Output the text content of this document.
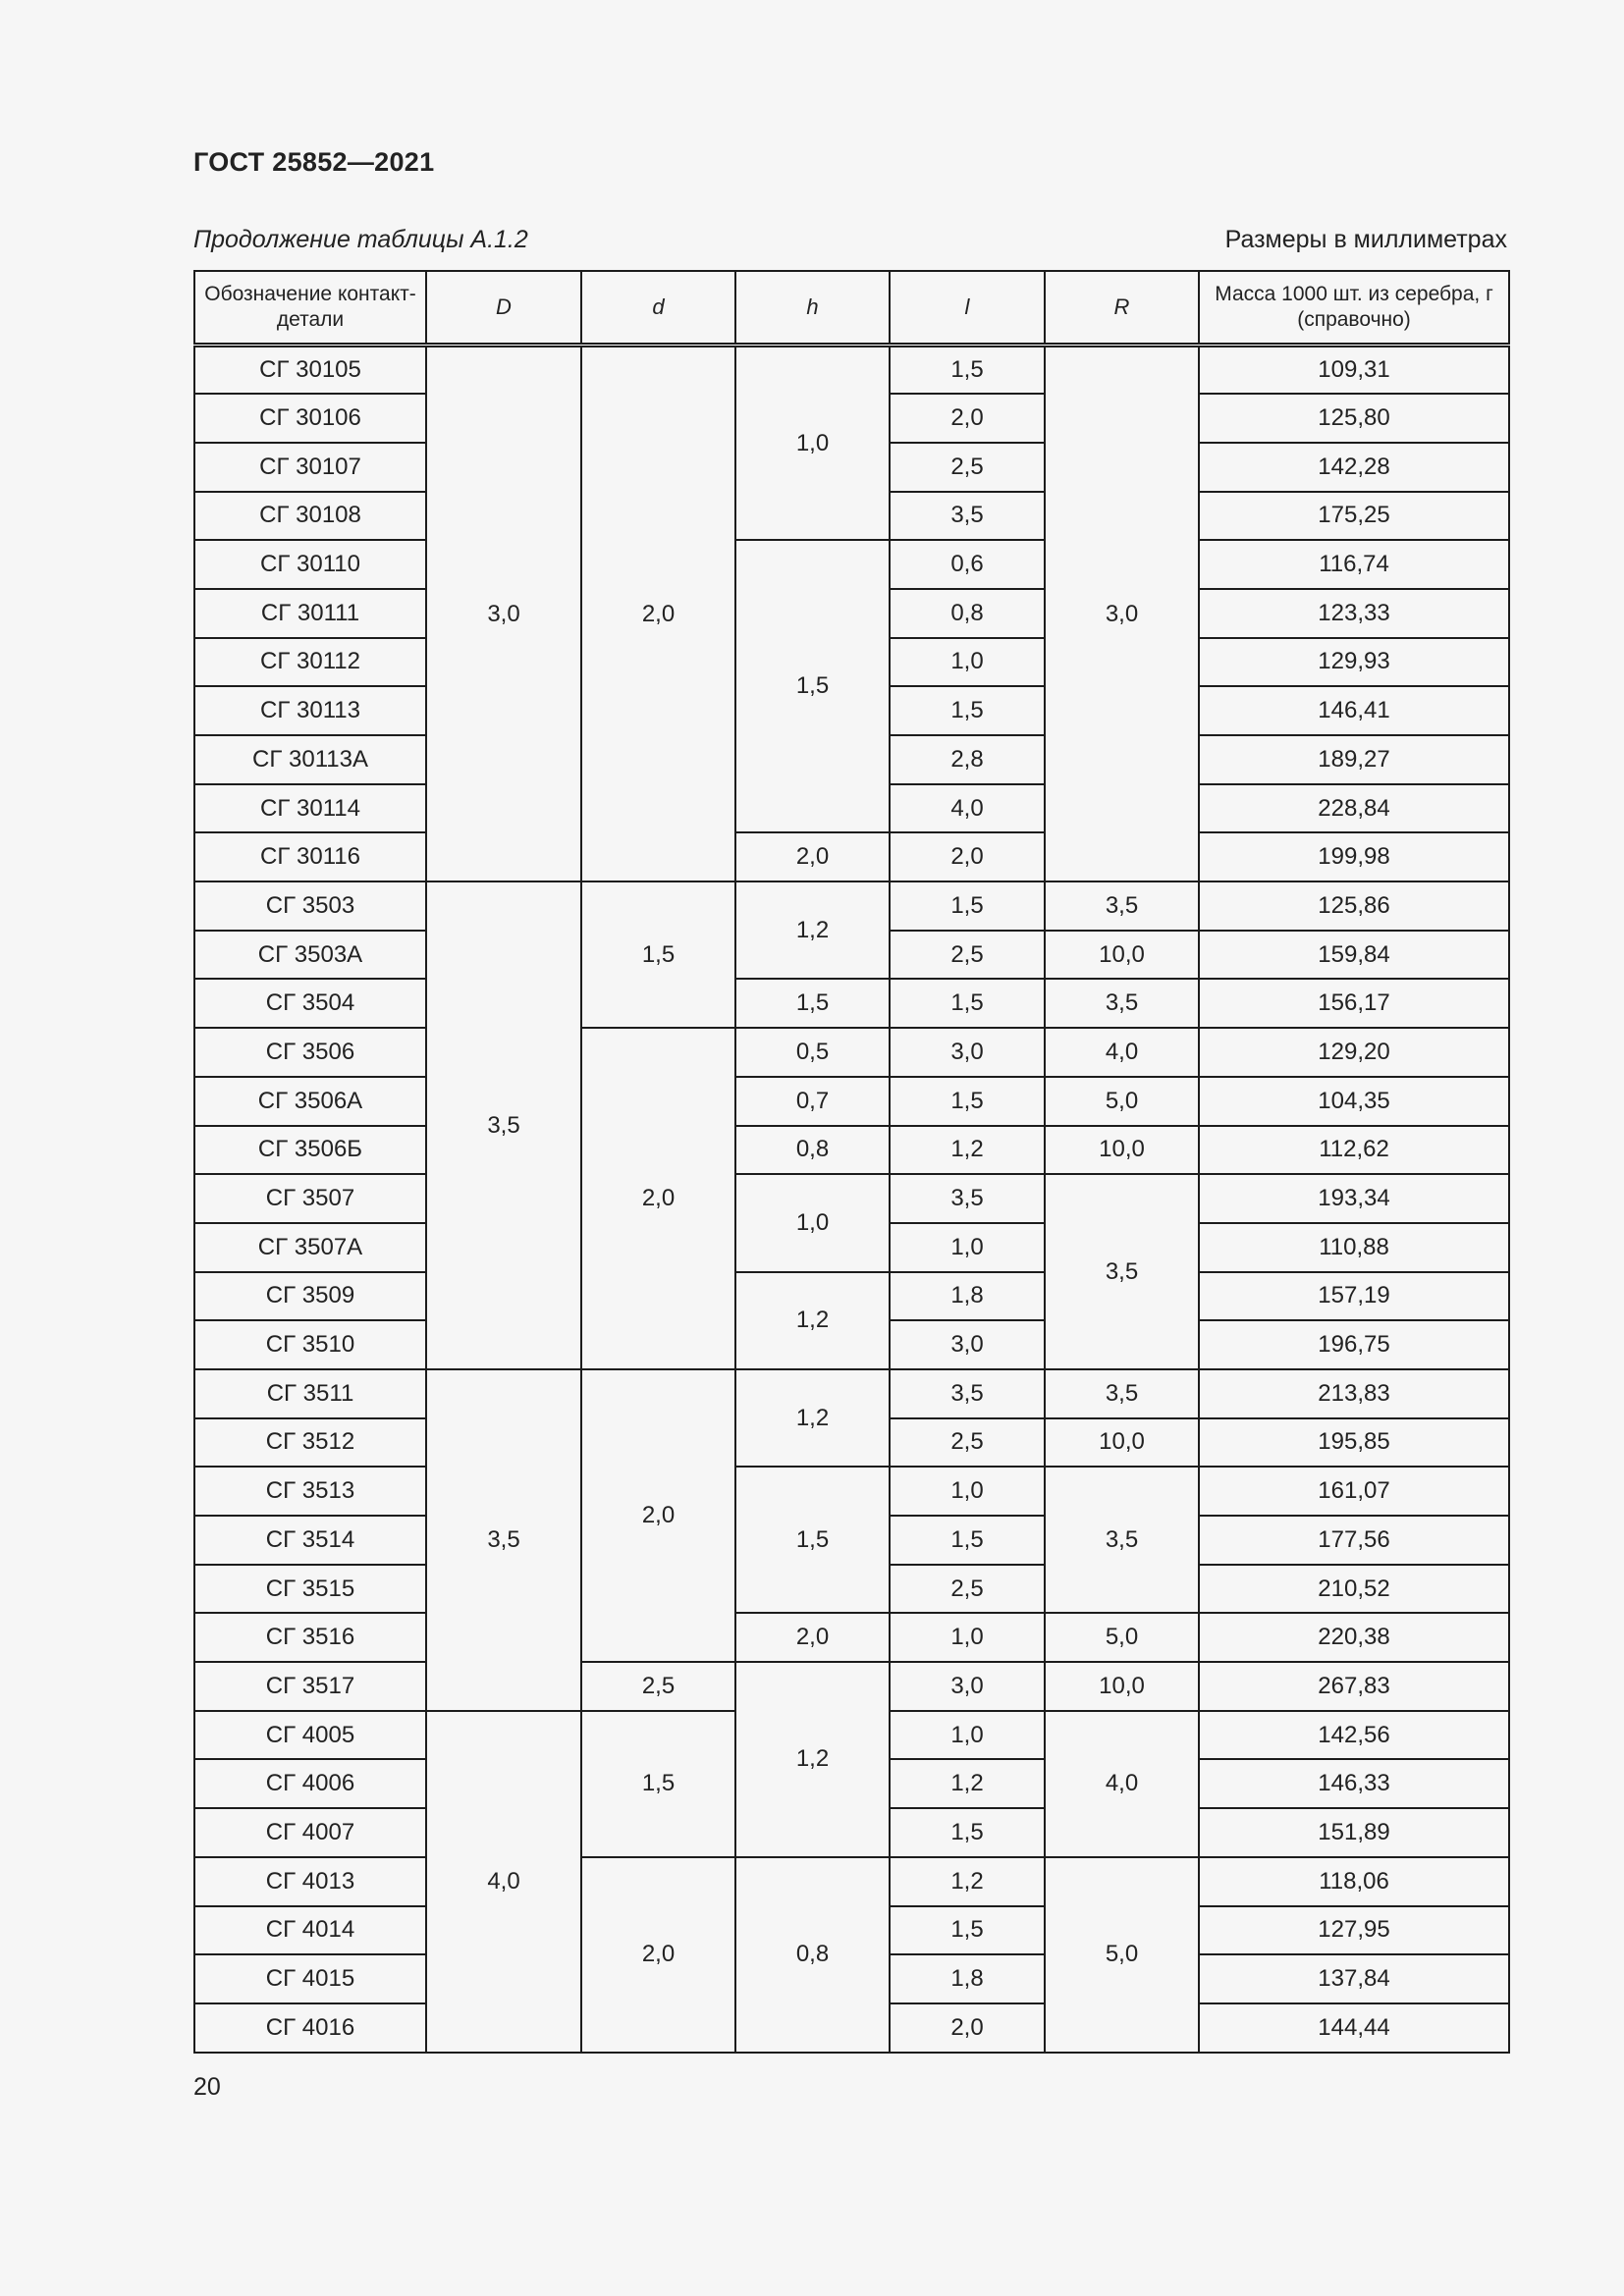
ГОСТ 25852—2021
Продолжение таблицы А.1.2	Размеры в миллиметрах
Обозначение контакт-детали	D	d	h	l	R	Масса 1000 шт. из серебра, г (справочно)
СГ 30105	3,0	2,0	1,0	1,5	3,0	109,31
СГ 30106				2,0		125,80
СГ 30107				2,5		142,28
СГ 30108				3,5		175,25
СГ 30110			1,5	0,6		116,74
СГ 30111				0,8		123,33
СГ 30112				1,0		129,93
СГ 30113				1,5		146,41
СГ 30113А				2,8		189,27
СГ 30114				4,0		228,84
СГ 30116			2,0	2,0		199,98
СГ 3503	3,5	1,5	1,2	1,5	3,5	125,86
СГ 3503А				2,5	10,0	159,84
СГ 3504			1,5	1,5	3,5	156,17
СГ 3506		2,0	0,5	3,0	4,0	129,20
СГ 3506А			0,7	1,5	5,0	104,35
СГ 3506Б			0,8	1,2	10,0	112,62
СГ 3507			1,0	3,5	3,5	193,34
СГ 3507А				1,0		110,88
СГ 3509			1,2	1,8		157,19
СГ 3510				3,0		196,75
СГ 3511	3,5	2,0	1,2	3,5	3,5	213,83
СГ 3512				2,5	10,0	195,85
СГ 3513			1,5	1,0	3,5	161,07
СГ 3514				1,5		177,56
СГ 3515				2,5		210,52
СГ 3516			2,0	1,0	5,0	220,38
СГ 3517		2,5	1,2	3,0	10,0	267,83
СГ 4005	4,0	1,5		1,0	4,0	142,56
СГ 4006				1,2		146,33
СГ 4007				1,5		151,89
СГ 4013		2,0	0,8	1,2	5,0	118,06
СГ 4014				1,5		127,95
СГ 4015				1,8		137,84
СГ 4016				2,0		144,44
20
